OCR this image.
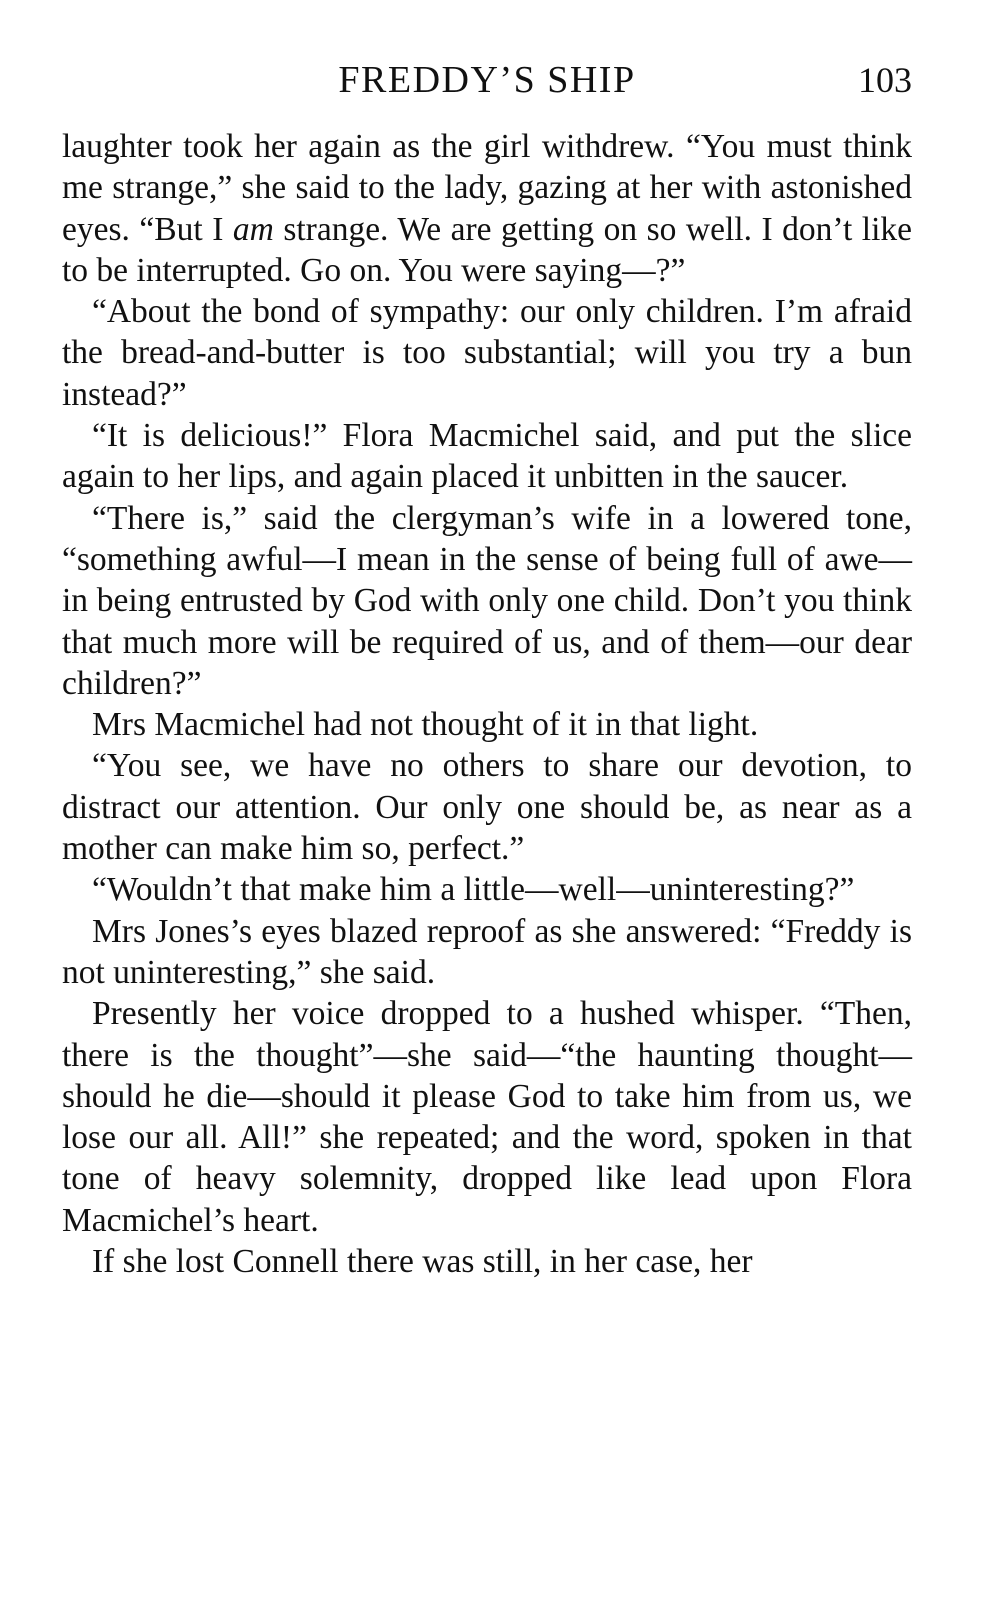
FREDDY’S SHIP	103

laughter took her again as the girl withdrew. “You must think me strange,” she said to the lady, gazing at her with astonished eyes. “But I am strange. We are getting on so well. I don’t like to be interrupted. Go on. You were saying—?”

“About the bond of sympathy: our only children. I’m afraid the bread-and-butter is too substantial; will you try a bun instead?”

“It is delicious!” Flora Macmichel said, and put the slice again to her lips, and again placed it unbitten in the saucer.

“There is,” said the clergyman’s wife in a lowered tone, “something awful—I mean in the sense of being full of awe—in being entrusted by God with only one child. Don’t you think that much more will be required of us, and of them—our dear children?”

Mrs Macmichel had not thought of it in that light.

“You see, we have no others to share our devotion, to distract our attention. Our only one should be, as near as a mother can make him so, perfect.”

“Wouldn’t that make him a little—well—uninteresting?”

Mrs Jones’s eyes blazed reproof as she answered: “Freddy is not uninteresting,” she said.

Presently her voice dropped to a hushed whisper. “Then, there is the thought”—she said—“the haunting thought—should he die—should it please God to take him from us, we lose our all. All!” she repeated; and the word, spoken in that tone of heavy solemnity, dropped like lead upon Flora Macmichel’s heart.

If she lost Connell there was still, in her case, her
